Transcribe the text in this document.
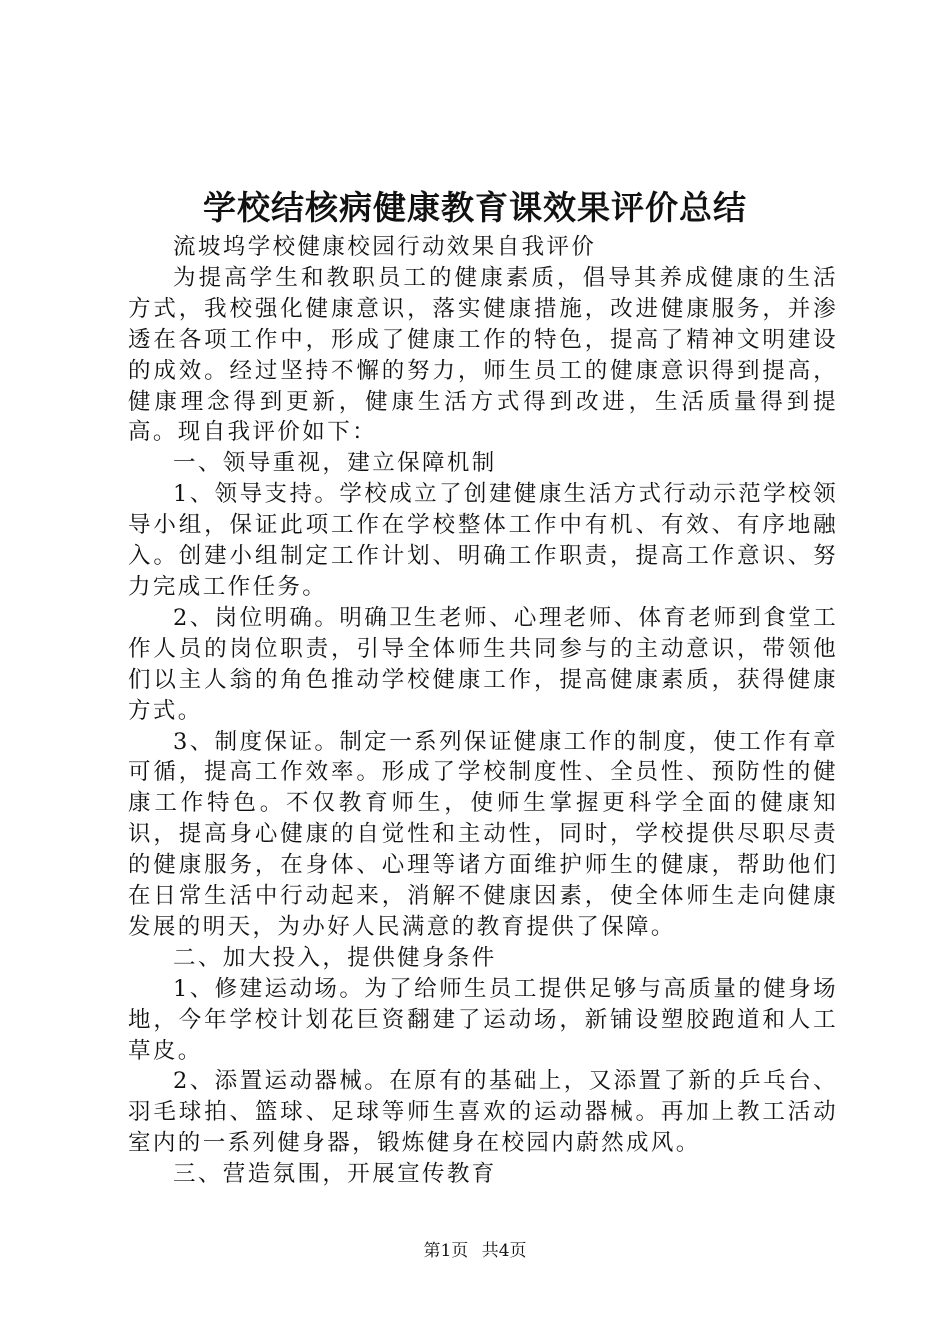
学校结核病健康教育课效果评价总结

流坡坞学校健康校园行动效果自我评价

为提高学生和教职员工的健康素质，倡导其养成健康的生活方式，我校强化健康意识，落实健康措施，改进健康服务，并渗透在各项工作中，形成了健康工作的特色，提高了精神文明建设的成效。经过坚持不懈的努力，师生员工的健康意识得到提高，健康理念得到更新，健康生活方式得到改进，生活质量得到提高。现自我评价如下：

一、领导重视，建立保障机制

1、领导支持。学校成立了创建健康生活方式行动示范学校领导小组，保证此项工作在学校整体工作中有机、有效、有序地融入。创建小组制定工作计划、明确工作职责，提高工作意识、努力完成工作任务。

2、岗位明确。明确卫生老师、心理老师、体育老师到食堂工作人员的岗位职责，引导全体师生共同参与的主动意识，带领他们以主人翁的角色推动学校健康工作，提高健康素质，获得健康方式。

3、制度保证。制定一系列保证健康工作的制度，使工作有章可循，提高工作效率。形成了学校制度性、全员性、预防性的健康工作特色。不仅教育师生，使师生掌握更科学全面的健康知识，提高身心健康的自觉性和主动性，同时，学校提供尽职尽责的健康服务，在身体、心理等诸方面维护师生的健康，帮助他们在日常生活中行动起来，消解不健康因素，使全体师生走向健康发展的明天，为办好人民满意的教育提供了保障。

二、加大投入，提供健身条件

1、修建运动场。为了给师生员工提供足够与高质量的健身场地，今年学校计划花巨资翻建了运动场，新铺设塑胶跑道和人工草皮。

2、添置运动器械。在原有的基础上，又添置了新的乒乓台、羽毛球拍、篮球、足球等师生喜欢的运动器械。再加上教工活动室内的一系列健身器，锻炼健身在校园内蔚然成风。

三、营造氛围，开展宣传教育

第1页 共4页
